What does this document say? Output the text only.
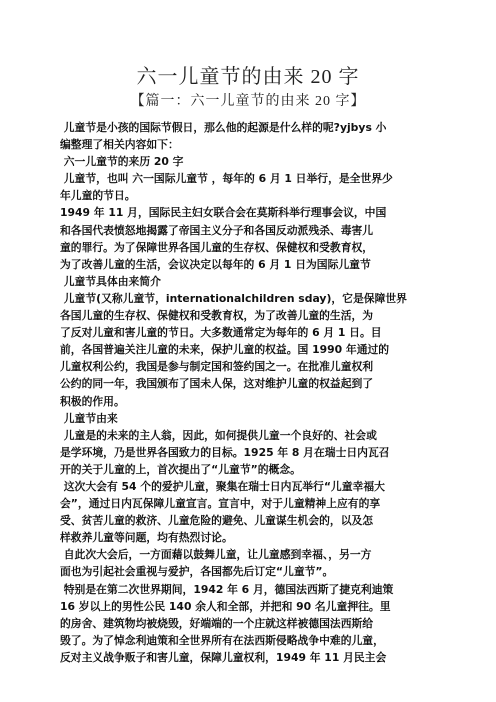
六一儿童节的由来 20 字
【篇一：六一儿童节的由来 20 字】
儿童节是小孩的国际节假日，那么他的起源是什么样的呢?yjbys 小
编整理了相关内容如下：
六一儿童节的来历 20 字
儿童节，也叫 六一国际儿童节 ，每年的 6 月 1 日举行，是全世界少
年儿童的节日。
1949 年 11 月，国际民主妇女联合会在莫斯科举行理事会议，中国
和各国代表愤怒地揭露了帝国主义分子和各国反动派残杀、毒害儿
童的罪行。为了保障世界各国儿童的生存权、保健权和受教育权，
为了改善儿童的生活，会议决定以每年的 6 月 1 日为国际儿童节
儿童节具体由来简介
儿童节(又称儿童节，internationalchildren sday)，它是保障世界
各国儿童的生存权、保健权和受教育权，为了改善儿童的生活，为
了反对儿童和害儿童的节日。大多数通常定为每年的 6 月 1 日。目
前，各国普遍关注儿童的未来，保护儿童的权益。国 1990 年通过的
儿童权利公约，我国是参与制定国和签约国之一。在批准儿童权利
公约的同一年，我国颁布了国未人保，这对维护儿童的权益起到了
积极的作用。
儿童节由来
儿童是的未来的主人翁，因此，如何提供儿童一个良好的、社会或
是学环境，乃是世界各国致力的目标。1925 年 8 月在瑞士日内瓦召
开的关于儿童的上，首次提出了“儿童节”的概念。
这次大会有 54 个的爱护儿童，聚集在瑞士日内瓦举行“儿童幸福大
会”，通过日内瓦保障儿童宣言。宣言中，对于儿童精神上应有的享
受、贫苦儿童的救济、儿童危险的避免、儿童谋生机会的，以及怎
样救养儿童等问题，均有热烈讨论。
自此次大会后，一方面藉以鼓舞儿童，让儿童感到幸福、，另一方
面也为引起社会重视与爱护，各国都先后订定“儿童节”。
特别是在第二次世界期间，1942 年 6 月，德国法西斯了捷克利迪策
16 岁以上的男性公民 140 余人和全部，并把和 90 名儿童押往。里
的房舍、建筑物均被烧毁，好端端的一个庄就这样被德国法西斯给
毁了。为了悼念利迪策和全世界所有在法西斯侵略战争中难的儿童，
反对主义战争贩子和害儿童，保障儿童权利，1949 年 11 月民主会
